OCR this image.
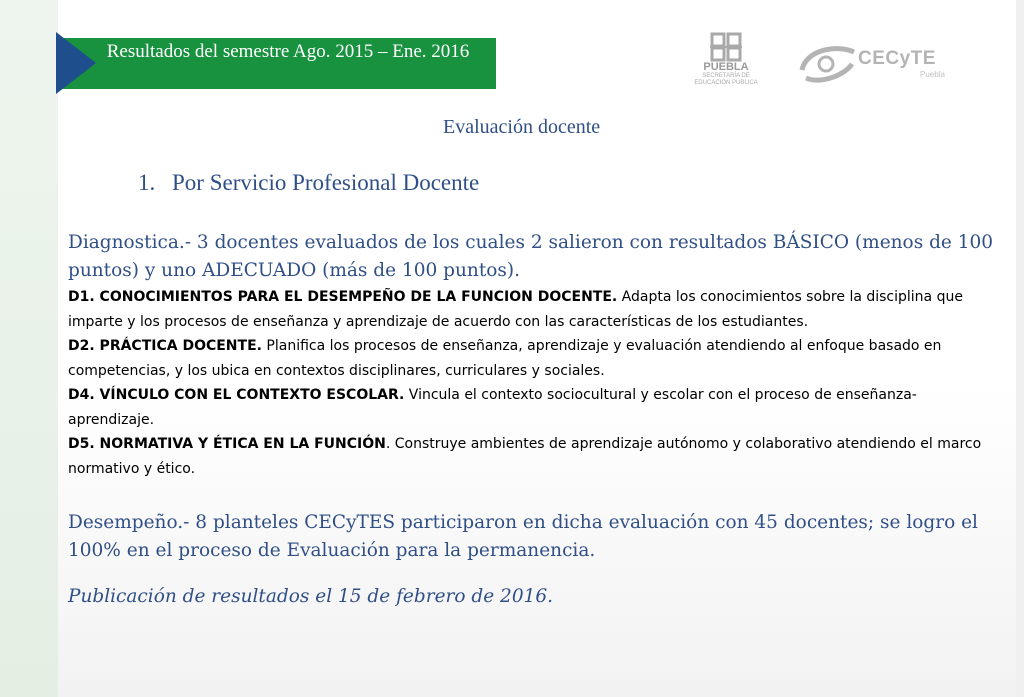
Resultados del semestre Ago. 2015 – Ene. 2016
PUEBLA
SECRETARÍA DE EDUCACIÓN PÚBLICA
CECyTE
Puebla
Evaluación docente
1. Por Servicio Profesional Docente

Diagnostica.- 3 docentes evaluados de los cuales 2 salieron con resultados BÁSICO (menos de 100 puntos) y uno ADECUADO (más de 100 puntos).

D1. CONOCIMIENTOS PARA EL DESEMPEÑO DE LA FUNCION DOCENTE. Adapta los conocimientos sobre la disciplina que imparte y los procesos de enseñanza y aprendizaje de acuerdo con las características de los estudiantes.
D2. PRÁCTICA DOCENTE. Planifica los procesos de enseñanza, aprendizaje y evaluación atendiendo al enfoque basado en competencias, y los ubica en contextos disciplinares, curriculares y sociales.
D4. VÍNCULO CON EL CONTEXTO ESCOLAR. Vincula el contexto sociocultural y escolar con el proceso de enseñanza- aprendizaje.
D5. NORMATIVA Y ÉTICA EN LA FUNCIÓN. Construye ambientes de aprendizaje autónomo y colaborativo atendiendo el marco normativo y ético.

Desempeño.- 8 planteles CECyTES participaron en dicha evaluación con 45 docentes; se logro el 100% en el proceso de Evaluación para la permanencia.

Publicación de resultados el 15 de febrero de 2016.
